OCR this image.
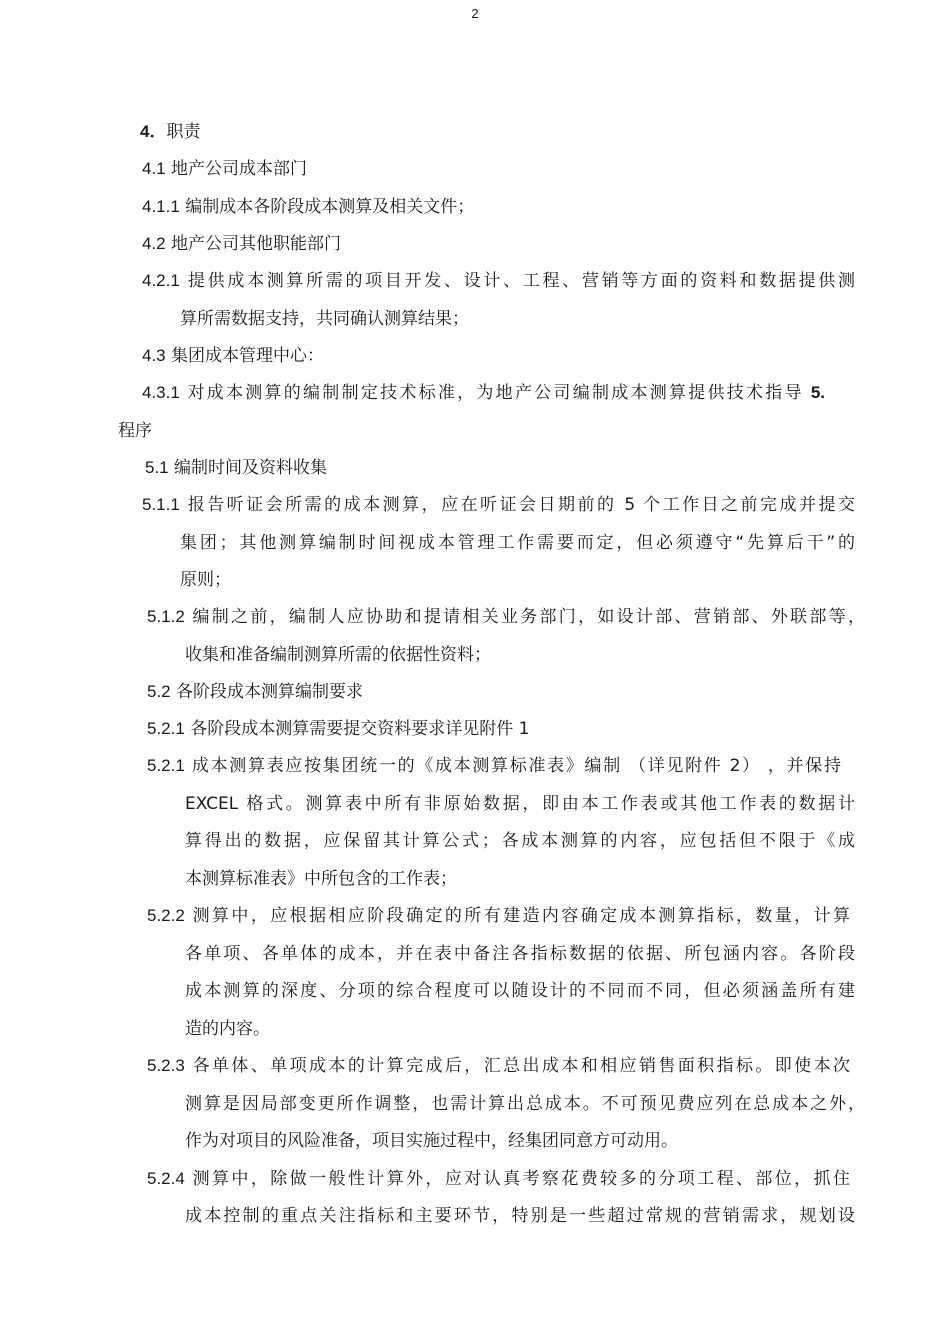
2
4．职责
4.1 地产公司成本部门
4.1.1 编制成本各阶段成本测算及相关文件；
4.2 地产公司其他职能部门
4.2.1 提供成本测算所需的项目开发、设计、工程、营销等方面的资料和数据提供测
算所需数据支持，共同确认测算结果；
4.3 集团成本管理中心：
4.3.1 对成本测算的编制制定技术标准，为地产公司编制成本测算提供技术指导 5.
程序
5.1 编制时间及资料收集
5.1.1 报告听证会所需的成本测算，应在听证会日期前的 5 个工作日之前完成并提交
集团；其他测算编制时间视成本管理工作需要而定，但必须遵守“先算后干”的
原则；
5.1.2 编制之前，编制人应协助和提请相关业务部门，如设计部、营销部、外联部等，
收集和准备编制测算所需的依据性资料；
5.2 各阶段成本测算编制要求
5.2.1 各阶段成本测算需要提交资料要求详见附件 1
5.2.1 成本测算表应按集团统一的《成本测算标准表》编制 （详见附件 2） ，并保持
EXCEL 格式。测算表中所有非原始数据，即由本工作表或其他工作表的数据计
算得出的数据，应保留其计算公式；各成本测算的内容，应包括但不限于《成
本测算标准表》中所包含的工作表；
5.2.2 测算中，应根据相应阶段确定的所有建造内容确定成本测算指标，数量，计算
各单项、各单体的成本，并在表中备注各指标数据的依据、所包涵内容。各阶段
成本测算的深度、分项的综合程度可以随设计的不同而不同，但必须涵盖所有建
造的内容。
5.2.3 各单体、单项成本的计算完成后，汇总出成本和相应销售面积指标。即使本次
测算是因局部变更所作调整，也需计算出总成本。不可预见费应列在总成本之外，
作为对项目的风险准备，项目实施过程中，经集团同意方可动用。
5.2.4 测算中，除做一般性计算外，应对认真考察花费较多的分项工程、部位，抓住
成本控制的重点关注指标和主要环节，特别是一些超过常规的营销需求，规划设
